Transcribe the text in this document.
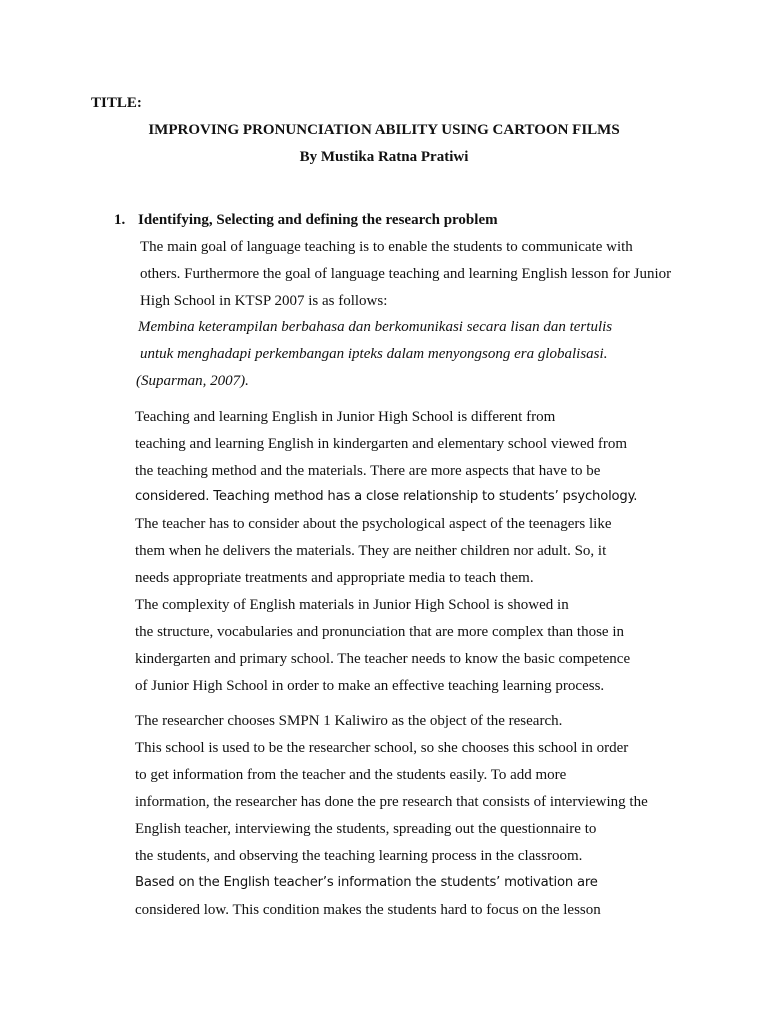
TITLE:
IMPROVING PRONUNCIATION ABILITY USING CARTOON FILMS
By Mustika Ratna Pratiwi
1. Identifying, Selecting and defining the research problem
The main goal of language teaching is to enable the students to communicate with
others. Furthermore the goal of language teaching and learning English lesson for Junior
High School in KTSP 2007 is as follows:
Membina keterampilan berbahasa dan berkomunikasi secara lisan dan tertulis
untuk menghadapi perkembangan ipteks dalam menyongsong era globalisasi.
(Suparman, 2007).
Teaching and learning English in Junior High School is different from
teaching and learning English in kindergarten and elementary school viewed from
the teaching method and the materials. There are more aspects that have to be
considered. Teaching method has a close relationship to students’ psychology.
The teacher has to consider about the psychological aspect of the teenagers like
them when he delivers the materials. They are neither children nor adult. So, it
needs appropriate treatments and appropriate media to teach them.
The complexity of English materials in Junior High School is showed in
the structure, vocabularies and pronunciation that are more complex than those in
kindergarten and primary school. The teacher needs to know the basic competence
of Junior High School in order to make an effective teaching learning process.
The researcher chooses SMPN 1 Kaliwiro as the object of the research.
This school is used to be the researcher school, so she chooses this school in order
to get information from the teacher and the students easily. To add more
information, the researcher has done the pre research that consists of interviewing the
English teacher, interviewing the students, spreading out the questionnaire to
the students, and observing the teaching learning process in the classroom.
Based on the English teacher’s information the students’ motivation are
considered low. This condition makes the students hard to focus on the lesson
